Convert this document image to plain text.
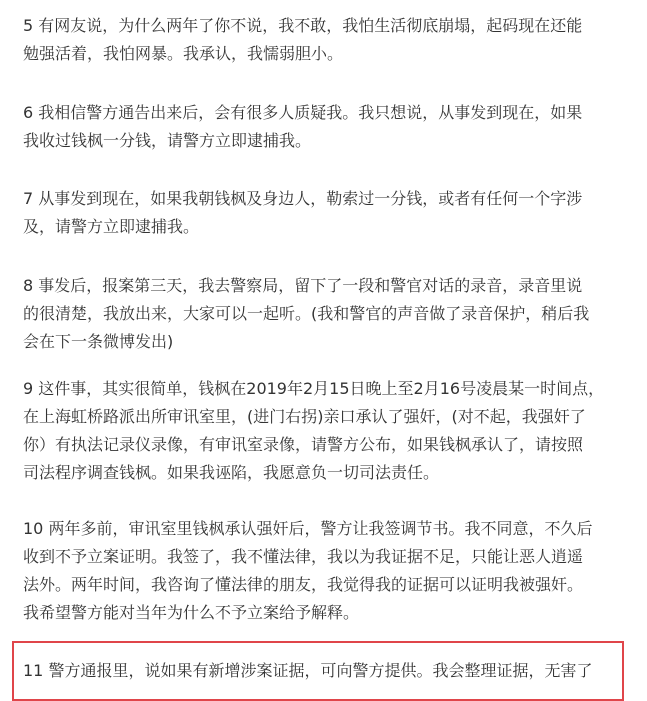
5 有网友说，为什么两年了你不说，我不敢，我怕生活彻底崩塌，起码现在还能
勉强活着，我怕网暴。我承认，我懦弱胆小。
6 我相信警方通告出来后，会有很多人质疑我。我只想说，从事发到现在，如果
我收过钱枫一分钱，请警方立即逮捕我。
7 从事发到现在，如果我朝钱枫及身边人，勒索过一分钱，或者有任何一个字涉
及，请警方立即逮捕我。
8 事发后，报案第三天，我去警察局，留下了一段和警官对话的录音，录音里说
的很清楚，我放出来，大家可以一起听。(我和警官的声音做了录音保护，稍后我
会在下一条微博发出)
9 这件事，其实很简单，钱枫在2019年2月15日晚上至2月16号凌晨某一时间点，
在上海虹桥路派出所审讯室里，(进门右拐)亲口承认了强奸，(对不起，我强奸了
你）有执法记录仪录像，有审讯室录像，请警方公布，如果钱枫承认了，请按照
司法程序调查钱枫。如果我诬陷，我愿意负一切司法责任。
10 两年多前，审讯室里钱枫承认强奸后，警方让我签调节书。我不同意，不久后
收到不予立案证明。我签了，我不懂法律，我以为我证据不足，只能让恶人逍遥
法外。两年时间，我咨询了懂法律的朋友，我觉得我的证据可以证明我被强奸。
我希望警方能对当年为什么不予立案给予解释。
11 警方通报里，说如果有新增涉案证据，可向警方提供。我会整理证据，无害了
